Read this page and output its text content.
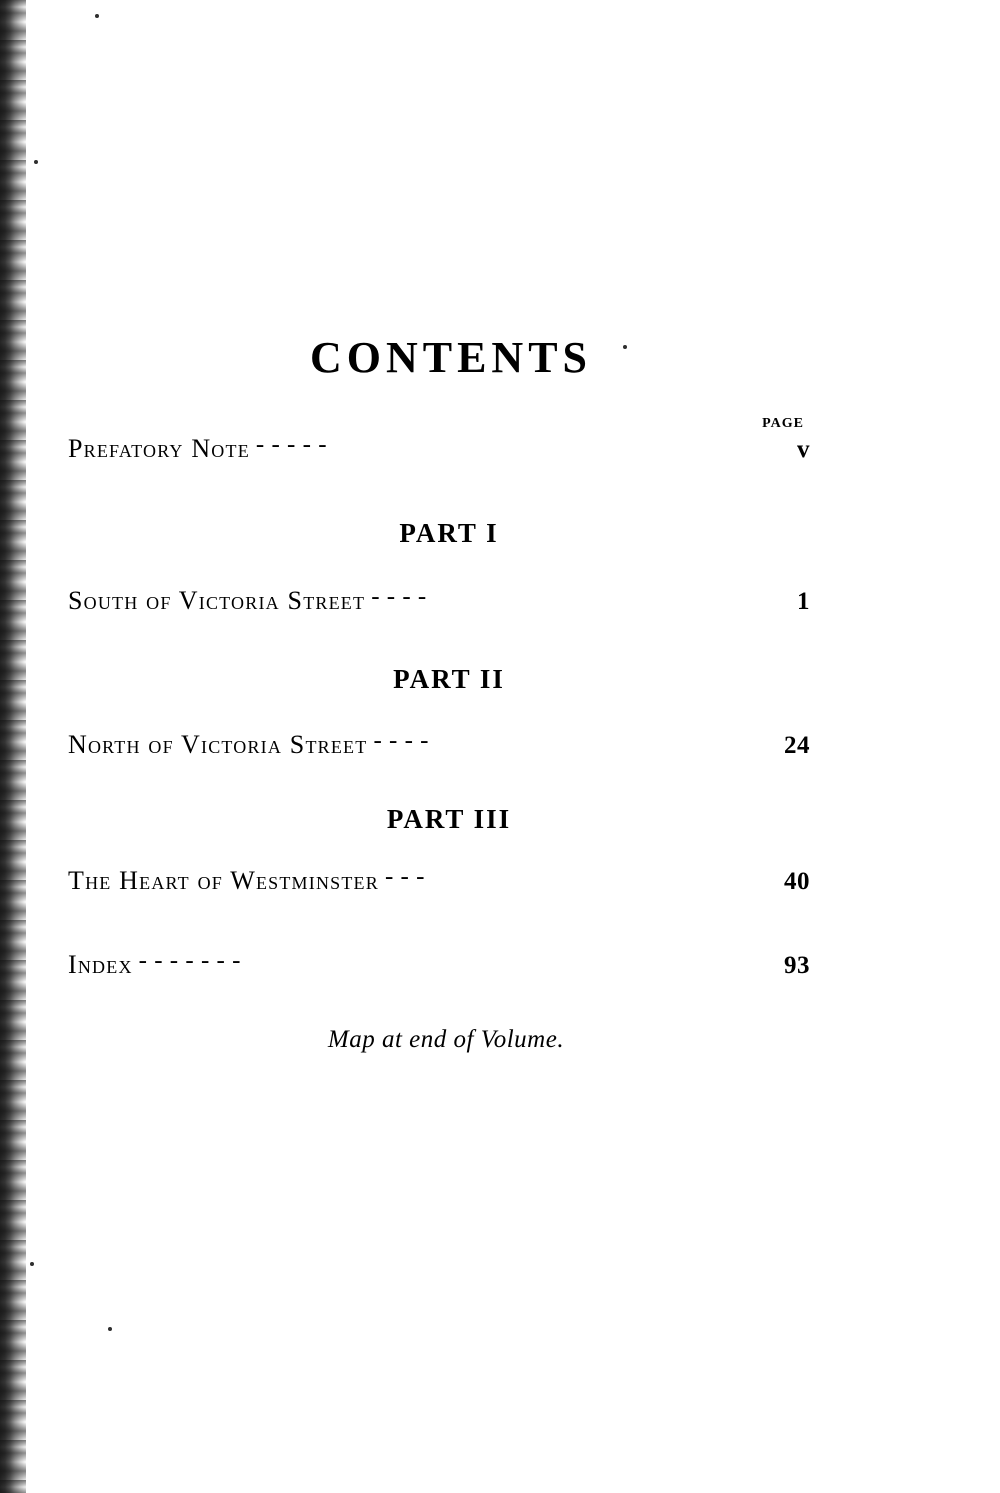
CONTENTS
PAGE
Prefatory Note - - - - -	v
PART I
South of Victoria Street - - - -	1
PART II
North of Victoria Street - - - -	24
PART III
The Heart of Westminster - - -	40
Index - - - - - - -	93
Map at end of Volume.
